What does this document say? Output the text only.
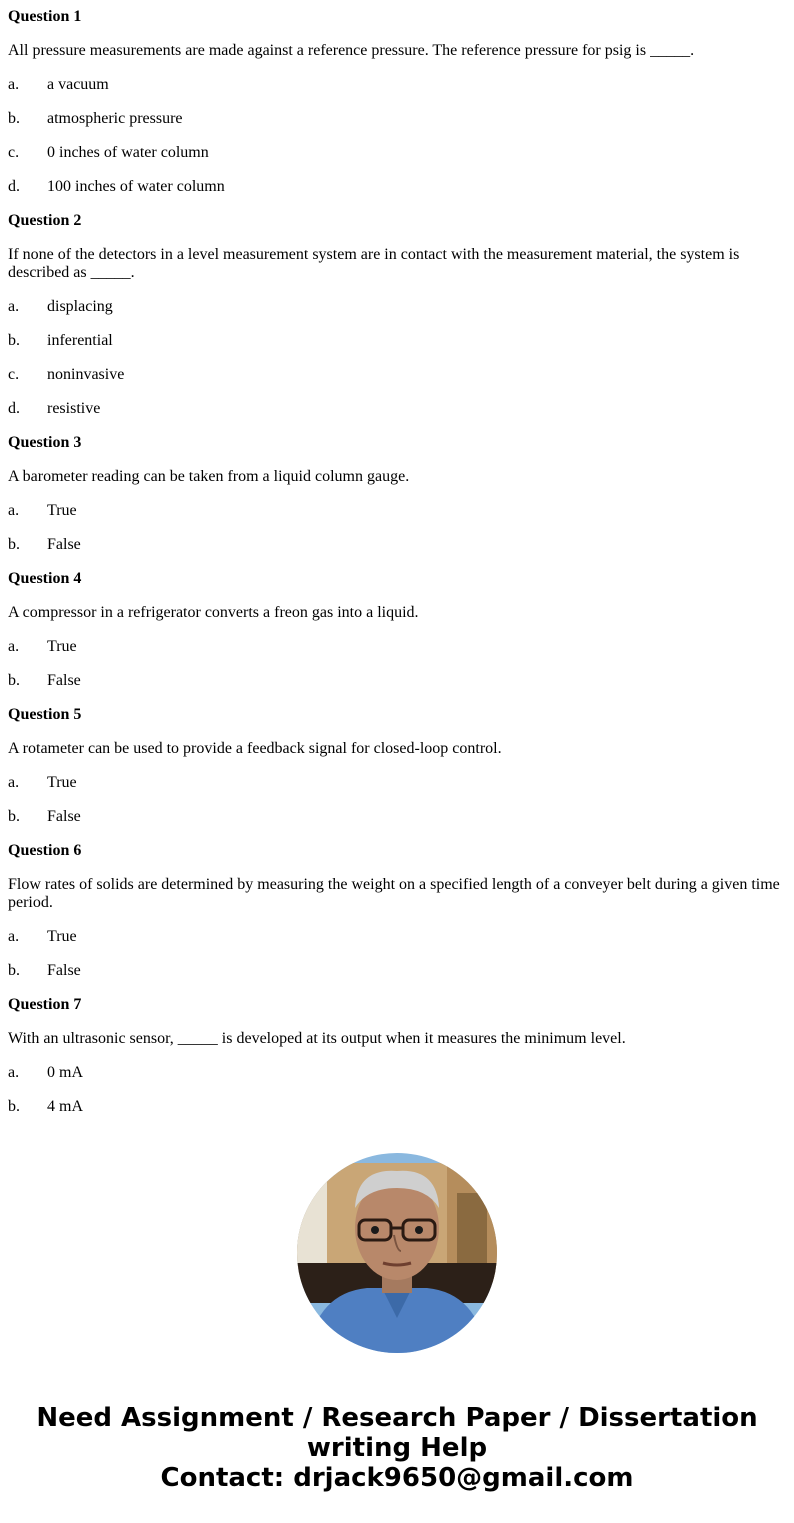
Question 1

All pressure measurements are made against a reference pressure. The reference pressure for psig is _____.

a.	a vacuum

b.	atmospheric pressure

c.	0 inches of water column

d.	100 inches of water column

Question 2

If none of the detectors in a level measurement system are in contact with the measurement material, the system is described as _____.

a.	displacing

b.	inferential

c.	noninvasive

d.	resistive

Question 3

A barometer reading can be taken from a liquid column gauge.

a.	True

b.	False

Question 4

A compressor in a refrigerator converts a freon gas into a liquid.

a.	True

b.	False

Question 5

A rotameter can be used to provide a feedback signal for closed-loop control.

a.	True

b.	False

Question 6

Flow rates of solids are determined by measuring the weight on a specified length of a conveyer belt during a given time period.

a.	True

b.	False

Question 7

With an ultrasonic sensor, _____ is developed at its output when it measures the minimum level.

a.	0 mA

b.	4 mA

Need Assignment / Research Paper / Dissertation
writing Help
Contact: drjack9650@gmail.com
